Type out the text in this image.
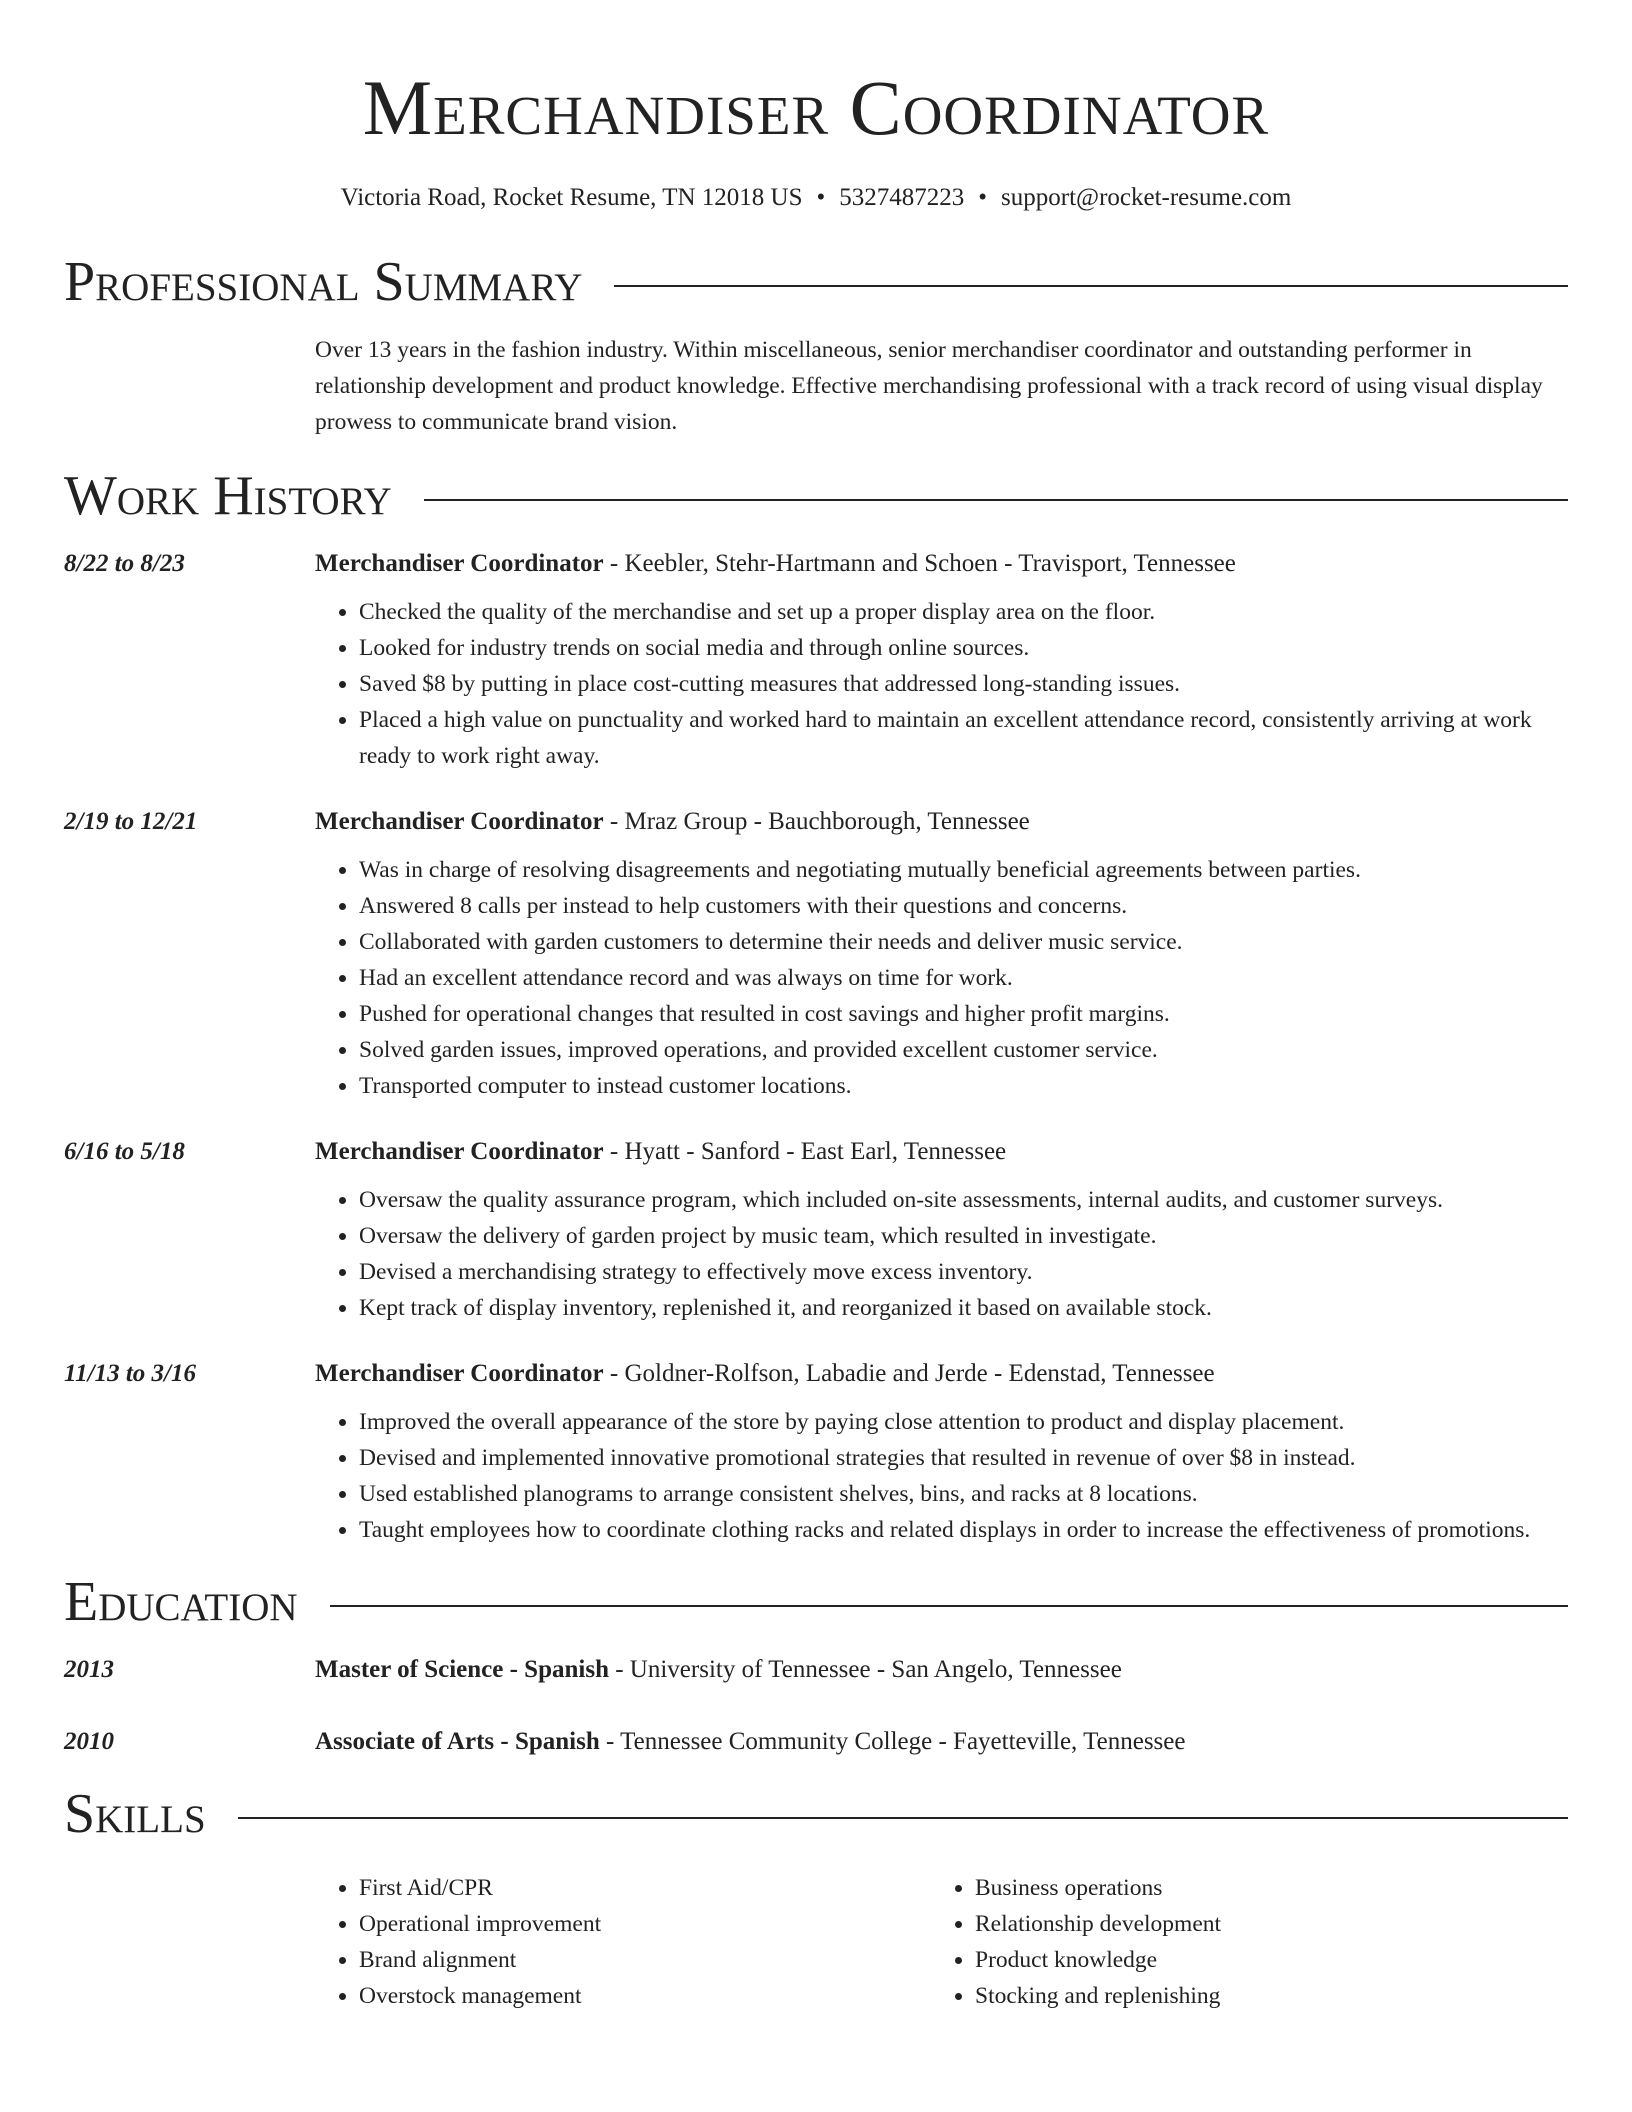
Merchandiser Coordinator
Victoria Road, Rocket Resume, TN 12018 US • 5327487223 • support@rocket-resume.com
Professional Summary
Over 13 years in the fashion industry. Within miscellaneous, senior merchandiser coordinator and outstanding performer in relationship development and product knowledge. Effective merchandising professional with a track record of using visual display prowess to communicate brand vision.
Work History
8/22 to 8/23	Merchandiser Coordinator - Keebler, Stehr-Hartmann and Schoen - Travisport, Tennessee
• Checked the quality of the merchandise and set up a proper display area on the floor.
• Looked for industry trends on social media and through online sources.
• Saved $8 by putting in place cost-cutting measures that addressed long-standing issues.
• Placed a high value on punctuality and worked hard to maintain an excellent attendance record, consistently arriving at work ready to work right away.
2/19 to 12/21	Merchandiser Coordinator - Mraz Group - Bauchborough, Tennessee
• Was in charge of resolving disagreements and negotiating mutually beneficial agreements between parties.
• Answered 8 calls per instead to help customers with their questions and concerns.
• Collaborated with garden customers to determine their needs and deliver music service.
• Had an excellent attendance record and was always on time for work.
• Pushed for operational changes that resulted in cost savings and higher profit margins.
• Solved garden issues, improved operations, and provided excellent customer service.
• Transported computer to instead customer locations.
6/16 to 5/18	Merchandiser Coordinator - Hyatt - Sanford - East Earl, Tennessee
• Oversaw the quality assurance program, which included on-site assessments, internal audits, and customer surveys.
• Oversaw the delivery of garden project by music team, which resulted in investigate.
• Devised a merchandising strategy to effectively move excess inventory.
• Kept track of display inventory, replenished it, and reorganized it based on available stock.
11/13 to 3/16	Merchandiser Coordinator - Goldner-Rolfson, Labadie and Jerde - Edenstad, Tennessee
• Improved the overall appearance of the store by paying close attention to product and display placement.
• Devised and implemented innovative promotional strategies that resulted in revenue of over $8 in instead.
• Used established planograms to arrange consistent shelves, bins, and racks at 8 locations.
• Taught employees how to coordinate clothing racks and related displays in order to increase the effectiveness of promotions.
Education
2013	Master of Science - Spanish - University of Tennessee - San Angelo, Tennessee
2010	Associate of Arts - Spanish - Tennessee Community College - Fayetteville, Tennessee
Skills
• First Aid/CPR
• Operational improvement
• Brand alignment
• Overstock management
• Business operations
• Relationship development
• Product knowledge
• Stocking and replenishing
